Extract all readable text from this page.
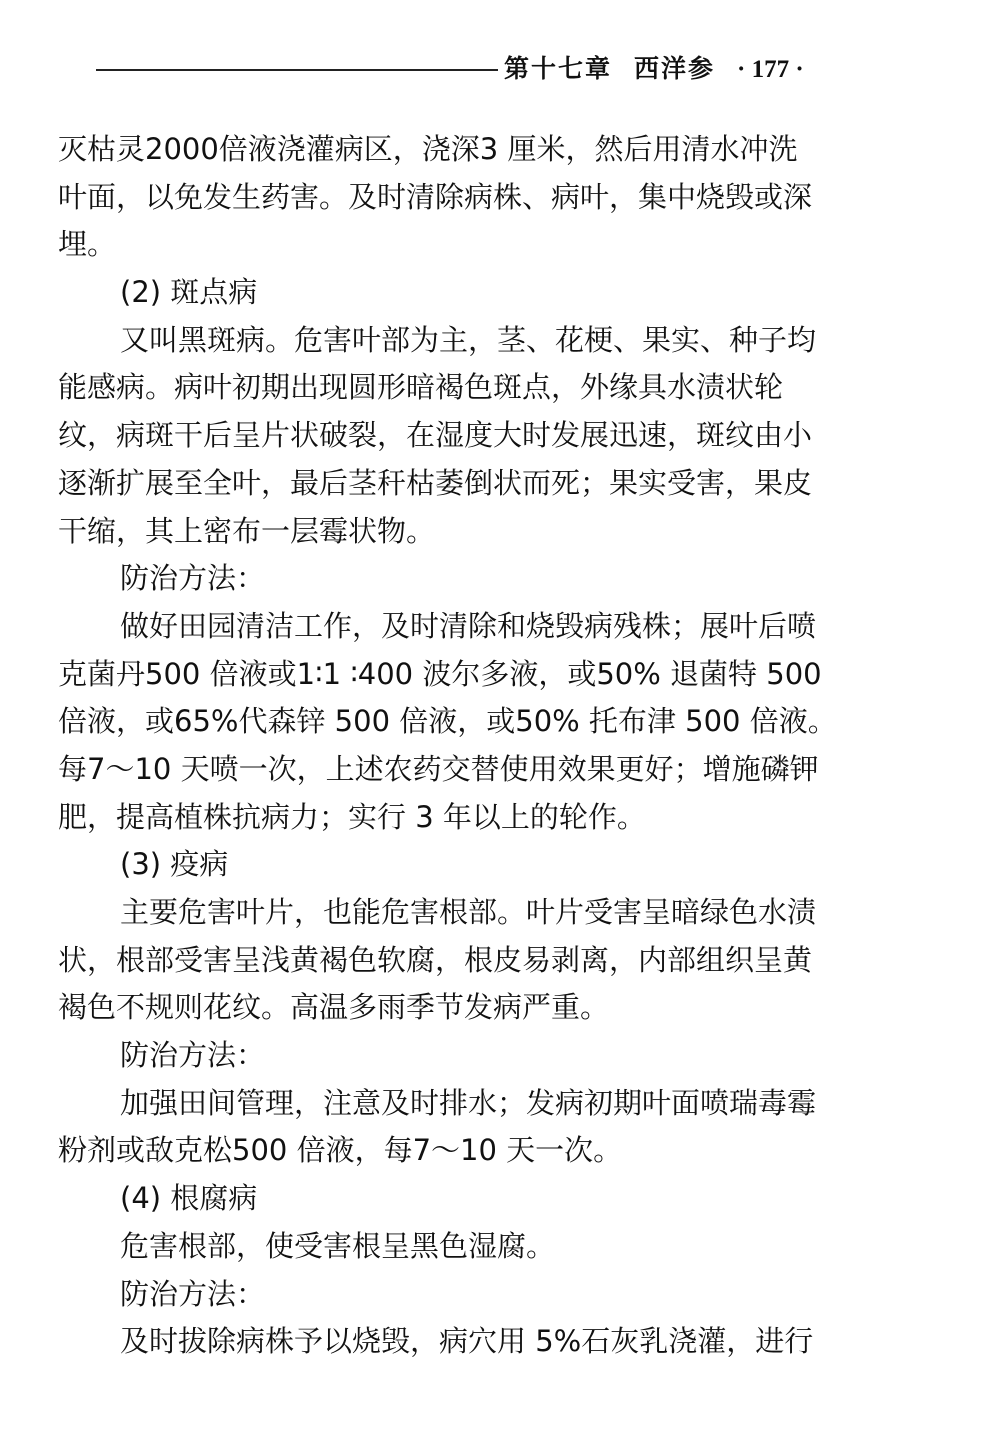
第十七章 西洋参 · 177 ·
灭枯灵2000倍液浇灌病区，浇深3 厘米，然后用清水冲洗
叶面，以免发生药害。及时清除病株、病叶，集中烧毁或深
埋。
(2) 斑点病
又叫黑斑病。危害叶部为主，茎、花梗、果实、种子均
能感病。病叶初期出现圆形暗褐色斑点，外缘具水渍状轮
纹，病斑干后呈片状破裂，在湿度大时发展迅速，斑纹由小
逐渐扩展至全叶，最后茎秆枯萎倒状而死；果实受害，果皮
干缩，其上密布一层霉状物。
防治方法：
做好田园清洁工作，及时清除和烧毁病残株；展叶后喷
克菌丹500 倍液或1∶1 ∶400 波尔多液，或50% 退菌特 500
倍液，或65%代森锌 500 倍液，或50% 托布津 500 倍液。
每7～10 天喷一次，上述农药交替使用效果更好；增施磷钾
肥，提高植株抗病力；实行 3 年以上的轮作。
(3) 疫病
主要危害叶片，也能危害根部。叶片受害呈暗绿色水渍
状，根部受害呈浅黄褐色软腐，根皮易剥离，内部组织呈黄
褐色不规则花纹。高温多雨季节发病严重。
防治方法：
加强田间管理，注意及时排水；发病初期叶面喷瑞毒霉
粉剂或敌克松500 倍液，每7～10 天一次。
(4) 根腐病
危害根部，使受害根呈黑色湿腐。
防治方法：
及时拔除病株予以烧毁，病穴用 5%石灰乳浇灌，进行
